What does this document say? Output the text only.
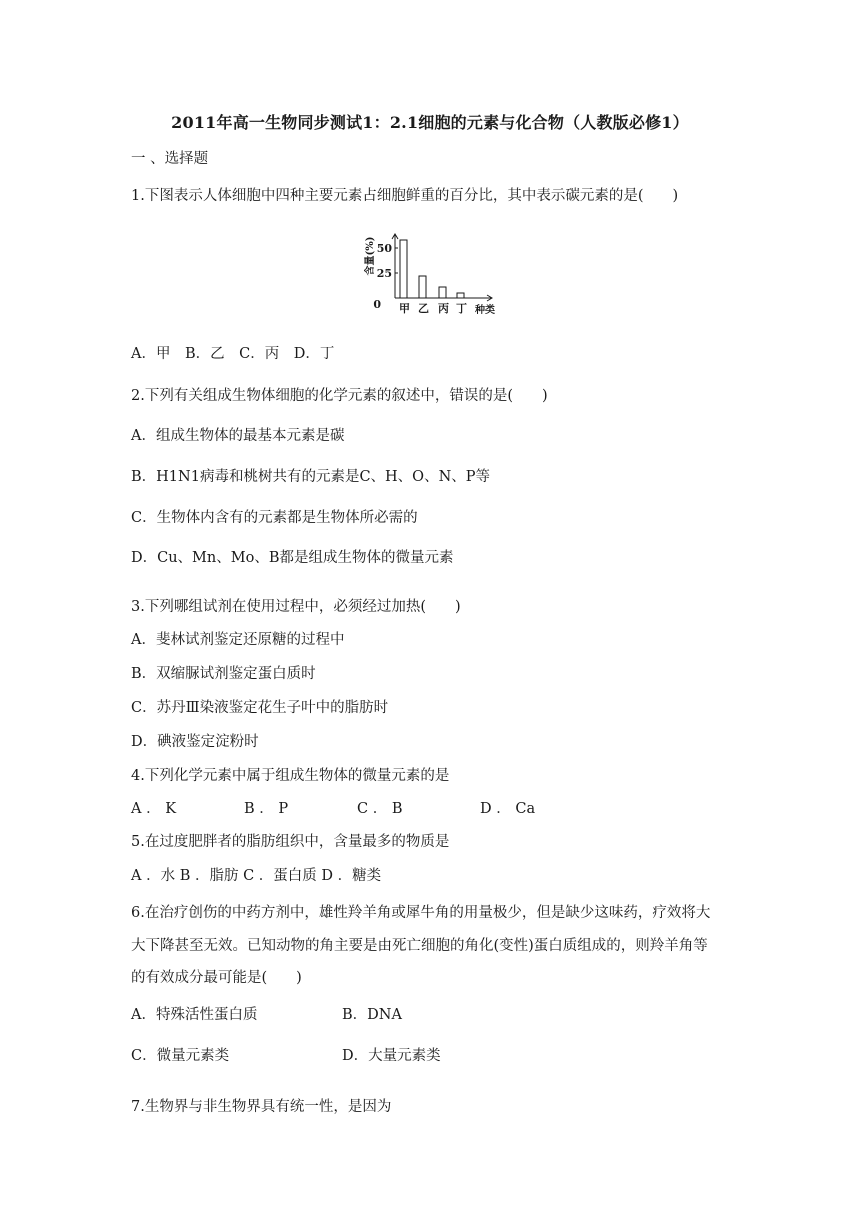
2011年高一生物同步测试1：2.1细胞的元素与化合物（人教版必修1）
一 、选择题
1.下图表示人体细胞中四种主要元素占细胞鲜重的百分比，其中表示碳元素的是(　　)
0
25
50
含量(%)
甲 乙 丙 丁 种类
A．甲　B．乙　C．丙　D．丁
2.下列有关组成生物体细胞的化学元素的叙述中，错误的是(　　)
A．组成生物体的最基本元素是碳
B．H1N1病毒和桃树共有的元素是C、H、O、N、P等
C．生物体内含有的元素都是生物体所必需的
D．Cu、Mn、Mo、B都是组成生物体的微量元素
3.下列哪组试剂在使用过程中，必须经过加热(　　)
A．斐林试剂鉴定还原糖的过程中
B．双缩脲试剂鉴定蛋白质时
C．苏丹Ⅲ染液鉴定花生子叶中的脂肪时
D．碘液鉴定淀粉时
4.下列化学元素中属于组成生物体的微量元素的是
A ． K	B ． P	C ． B	D ． Ca
5.在过度肥胖者的脂肪组织中，含量最多的物质是
A ．水 B ．脂肪 C ．蛋白质 D ．糖类
6.在治疗创伤的中药方剂中，雄性羚羊角或犀牛角的用量极少，但是缺少这味药，疗效将大
大下降甚至无效。已知动物的角主要是由死亡细胞的角化(变性)蛋白质组成的，则羚羊角等
的有效成分最可能是(　　)
A．特殊活性蛋白质	B．DNA
C．微量元素类	D．大量元素类
7.生物界与非生物界具有统一性，是因为
